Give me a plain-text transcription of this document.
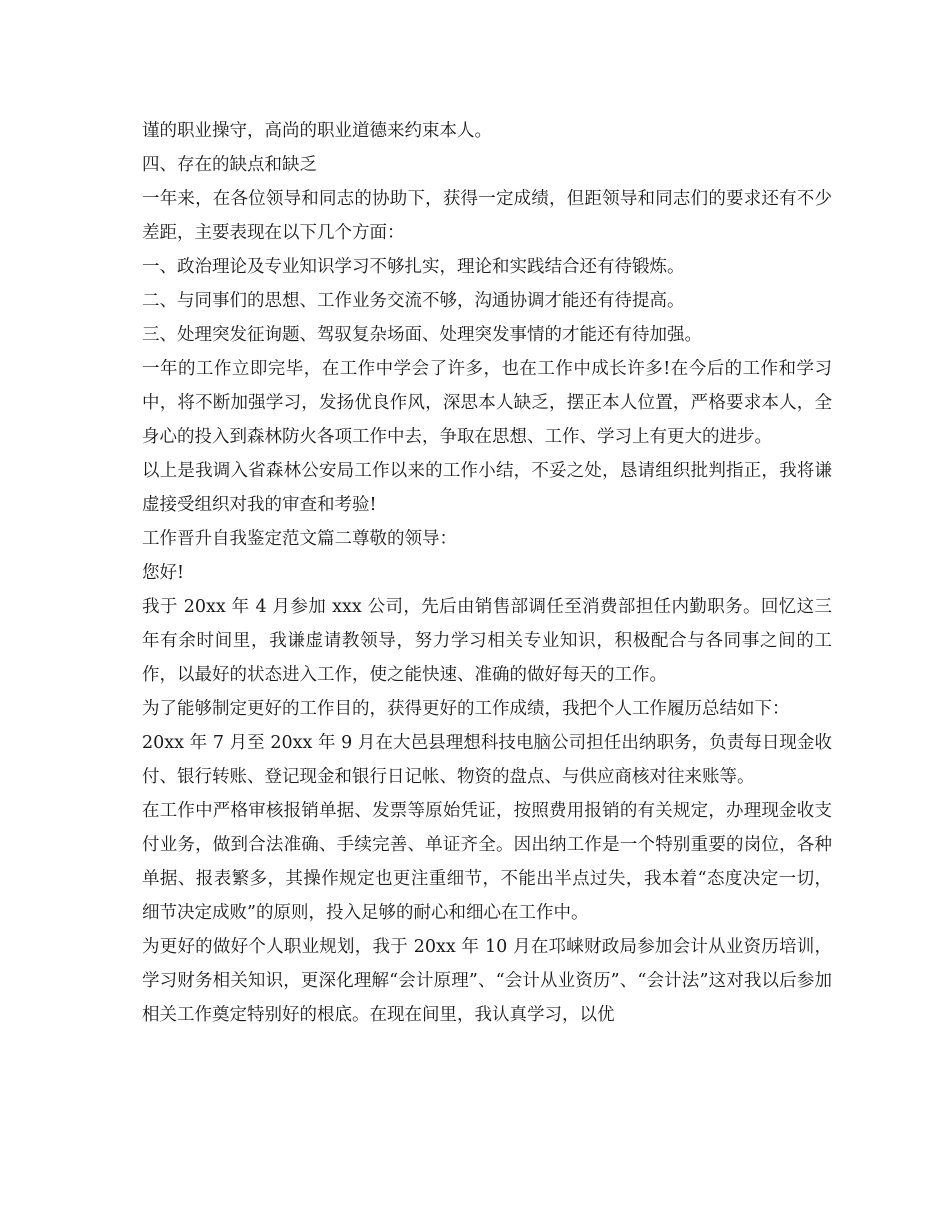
谨的职业操守，高尚的职业道德来约束本人。

四、存在的缺点和缺乏

一年来，在各位领导和同志的协助下，获得一定成绩，但距领导和同志们的要求还有不少差距，主要表现在以下几个方面：

一、政治理论及专业知识学习不够扎实，理论和实践结合还有待锻炼。

二、与同事们的思想、工作业务交流不够，沟通协调才能还有待提高。

三、处理突发征询题、驾驭复杂场面、处理突发事情的才能还有待加强。

一年的工作立即完毕，在工作中学会了许多，也在工作中成长许多!在今后的工作和学习中，将不断加强学习，发扬优良作风，深思本人缺乏，摆正本人位置，严格要求本人，全身心的投入到森林防火各项工作中去，争取在思想、工作、学习上有更大的进步。

以上是我调入省森林公安局工作以来的工作小结，不妥之处，恳请组织批判指正，我将谦虚接受组织对我的审查和考验!

工作晋升自我鉴定范文篇二尊敬的领导：

您好!

我于 20xx 年 4 月参加 xxx 公司，先后由销售部调任至消费部担任内勤职务。回忆这三年有余时间里，我谦虚请教领导，努力学习相关专业知识，积极配合与各同事之间的工作，以最好的状态进入工作，使之能快速、准确的做好每天的工作。

为了能够制定更好的工作目的，获得更好的工作成绩，我把个人工作履历总结如下：

20xx 年 7 月至 20xx 年 9 月在大邑县理想科技电脑公司担任出纳职务，负责每日现金收付、银行转账、登记现金和银行日记帐、物资的盘点、与供应商核对往来账等。

在工作中严格审核报销单据、发票等原始凭证，按照费用报销的有关规定，办理现金收支付业务，做到合法准确、手续完善、单证齐全。因出纳工作是一个特别重要的岗位，各种单据、报表繁多，其操作规定也更注重细节，不能出半点过失，我本着“态度决定一切，细节决定成败”的原则，投入足够的耐心和细心在工作中。

为更好的做好个人职业规划，我于 20xx 年 10 月在邛崃财政局参加会计从业资历培训，学习财务相关知识，更深化理解“会计原理”、“会计从业资历”、“会计法”这对我以后参加相关工作奠定特别好的根底。在现在间里，我认真学习，以优
